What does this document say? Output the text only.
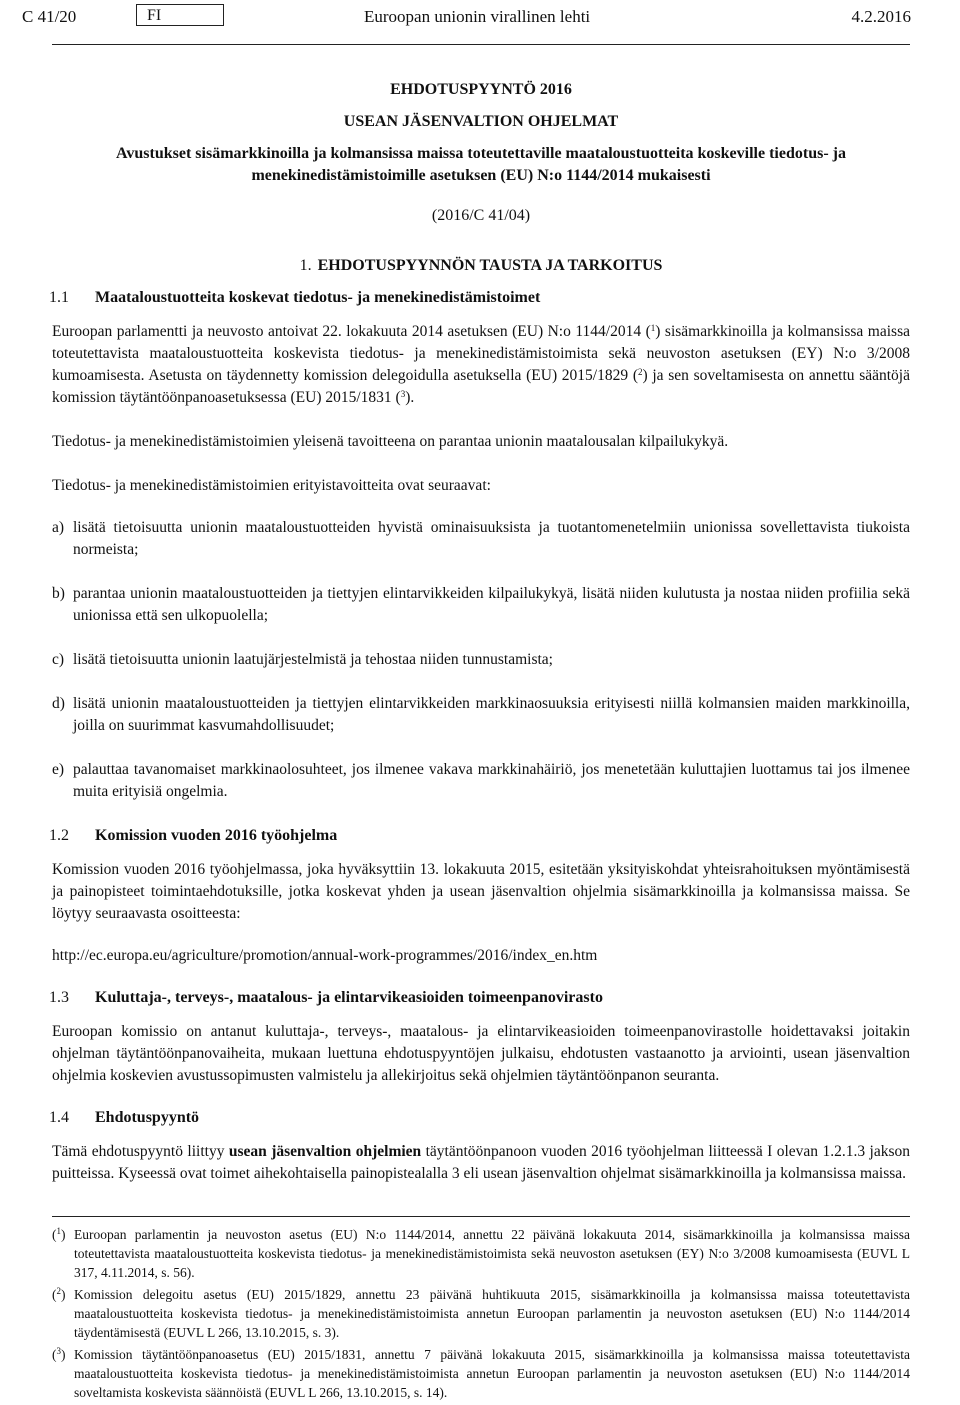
C 41/20	FI	Euroopan unionin virallinen lehti	4.2.2016
EHDOTUSPYYNTÖ 2016
USEAN JÄSENVALTION OHJELMAT
Avustukset sisämarkkinoilla ja kolmansissa maissa toteutettaville maataloustuotteita koskeville tiedotus- ja menekinedistämistoimille asetuksen (EU) N:o 1144/2014 mukaisesti
(2016/C 41/04)
1. EHDOTUSPYYNNÖN TAUSTA JA TARKOITUS
1.1	Maataloustuotteita koskevat tiedotus- ja menekinedistämistoimet

Euroopan parlamentti ja neuvosto antoivat 22. lokakuuta 2014 asetuksen (EU) N:o 1144/2014 ($^1$) sisämarkkinoilla ja kolmansissa maissa toteutettavista maataloustuotteita koskevista tiedotus- ja menekinedistämistoimista sekä neuvoston asetuksen (EY) N:o 3/2008 kumoamisesta. Asetusta on täydennetty komission delegoidulla asetuksella (EU) 2015/1829 ($^2$) ja sen soveltamisesta on annettu sääntöjä komission täytäntöönpanoasetuksessa (EU) 2015/1831 ($^3$).

Tiedotus- ja menekinedistämistoimien yleisenä tavoitteena on parantaa unionin maatalousalan kilpailukykyä.

Tiedotus- ja menekinedistämistoimien erityistavoitteita ovat seuraavat:

a) lisätä tietoisuutta unionin maataloustuotteiden hyvistä ominaisuuksista ja tuotantomenetelmiin unionissa sovellettavista tiukoista normeista;
b) parantaa unionin maataloustuotteiden ja tiettyjen elintarvikkeiden kilpailukykyä, lisätä niiden kulutusta ja nostaa niiden profiilia sekä unionissa että sen ulkopuolella;
c) lisätä tietoisuutta unionin laatujärjestelmistä ja tehostaa niiden tunnustamista;
d) lisätä unionin maataloustuotteiden ja tiettyjen elintarvikkeiden markkinaosuuksia erityisesti niillä kolmansien maiden markkinoilla, joilla on suurimmat kasvumahdollisuudet;
e) palauttaa tavanomaiset markkinaolosuhteet, jos ilmenee vakava markkinahäiriö, jos menetetään kuluttajien luottamus tai jos ilmenee muita erityisiä ongelmia.
1.2	Komission vuoden 2016 työohjelma

Komission vuoden 2016 työohjelmassa, joka hyväksyttiin 13. lokakuuta 2015, esitetään yksityiskohdat yhteisrahoituksen myöntämisestä ja painopisteet toimintaehdotuksille, jotka koskevat yhden ja usean jäsenvaltion ohjelmia sisämarkkinoilla ja kolmansissa maissa. Se löytyy seuraavasta osoitteesta:

http://ec.europa.eu/agriculture/promotion/annual-work-programmes/2016/index_en.htm

1.3	Kuluttaja-, terveys-, maatalous- ja elintarvikeasioiden toimeenpanovirasto

Euroopan komissio on antanut kuluttaja-, terveys-, maatalous- ja elintarvikeasioiden toimeenpanovirastolle hoidettavaksi joitakin ohjelman täytäntöönpanovaiheita, mukaan luettuna ehdotuspyyntöjen julkaisu, ehdotusten vastaanotto ja arviointi, usean jäsenvaltion ohjelmia koskevien avustussopimusten valmistelu ja allekirjoitus sekä ohjelmien täytäntöönpanon seuranta.

1.4	Ehdotuspyyntö

Tämä ehdotuspyyntö liittyy usean jäsenvaltion ohjelmien täytäntöönpanoon vuoden 2016 työohjelman liitteessä I olevan 1.2.1.3 jakson puitteissa. Kyseessä ovat toimet aihekohtaisella painopistealalla 3 eli usean jäsenvaltion ohjelmat sisämarkkinoilla ja kolmansissa maissa.

($^1$) Euroopan parlamentin ja neuvoston asetus (EU) N:o 1144/2014, annettu 22 päivänä lokakuuta 2014, sisämarkkinoilla ja kolmansissa maissa toteutettavista maataloustuotteita koskevista tiedotus- ja menekinedistämistoimista sekä neuvoston asetuksen (EY) N:o 3/2008 kumoamisesta (EUVL L 317, 4.11.2014, s. 56).
($^2$) Komission delegoitu asetus (EU) 2015/1829, annettu 23 päivänä huhtikuuta 2015, sisämarkkinoilla ja kolmansissa maissa toteutettavista maataloustuotteita koskevista tiedotus- ja menekinedistämistoimista annetun Euroopan parlamentin ja neuvoston asetuksen (EU) N:o 1144/2014 täydentämisestä (EUVL L 266, 13.10.2015, s. 3).
($^3$) Komission täytäntöönpanoasetus (EU) 2015/1831, annettu 7 päivänä lokakuuta 2015, sisämarkkinoilla ja kolmansissa maissa toteutettavista maataloustuotteita koskevista tiedotus- ja menekinedistämistoimista annetun Euroopan parlamentin ja neuvoston asetuksen (EU) N:o 1144/2014 soveltamista koskevista säännöistä (EUVL L 266, 13.10.2015, s. 14).
